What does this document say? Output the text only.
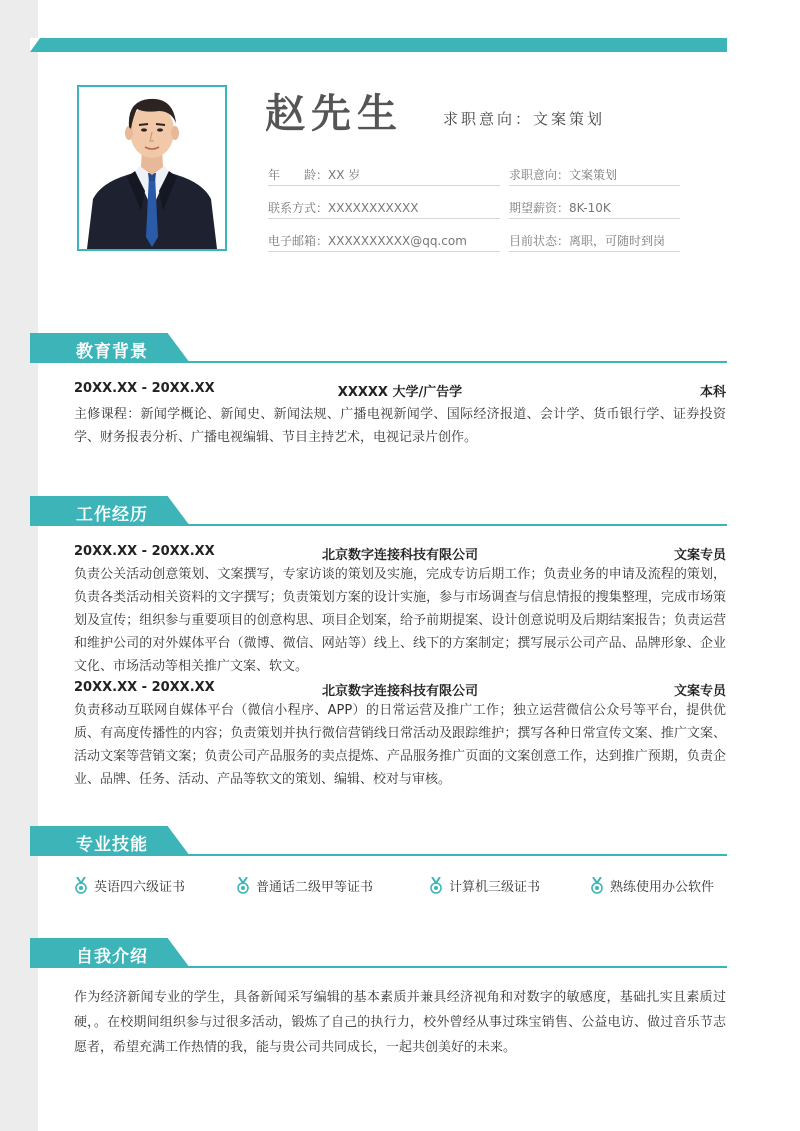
赵先生	求职意向：文案策划
年　　龄：XX 岁	求职意向：文案策划
联系方式：XXXXXXXXXXX	期望薪资：8K-10K
电子邮箱：XXXXXXXXXX@qq.com	目前状态：离职，可随时到岗
教育背景
20XX.XX - 20XX.XX	XXXXX 大学/广告学	本科
主修课程：新闻学概论、新闻史、新闻法规、广播电视新闻学、国际经济报道、会计学、货币银行学、证券投资学、财务报表分析、广播电视编辑、节目主持艺术，电视记录片创作。
工作经历
20XX.XX - 20XX.XX	北京数字连接科技有限公司	文案专员
负责公关活动创意策划、文案撰写，专家访谈的策划及实施，完成专访后期工作；负责业务的申请及流程的策划，负责各类活动相关资料的文字撰写；负责策划方案的设计实施，参与市场调查与信息情报的搜集整理，完成市场策划及宣传；组织参与重要项目的创意构思、项目企划案，给予前期提案、设计创意说明及后期结案报告；负责运营和维护公司的对外媒体平台（微博、微信、网站等）线上、线下的方案制定；撰写展示公司产品、品牌形象、企业文化、市场活动等相关推广文案、软文。
20XX.XX - 20XX.XX	北京数字连接科技有限公司	文案专员
负责移动互联网自媒体平台（微信小程序、APP）的日常运营及推广工作；独立运营微信公众号等平台，提供优质、有高度传播性的内容；负责策划并执行微信营销线日常活动及跟踪维护；撰写各种日常宣传文案、推广文案、活动文案等营销文案；负责公司产品服务的卖点提炼、产品服务推广页面的文案创意工作，达到推广预期，负责企业、品牌、任务、活动、产品等软文的策划、编辑、校对与审核。
专业技能
英语四六级证书	普通话二级甲等证书	计算机三级证书	熟练使用办公软件
自我介绍
作为经济新闻专业的学生，具备新闻采写编辑的基本素质并兼具经济视角和对数字的敏感度，基础扎实且素质过硬，。在校期间组织参与过很多活动，锻炼了自己的执行力，校外曾经从事过珠宝销售、公益电访、做过音乐节志愿者，希望充满工作热情的我，能与贵公司共同成长，一起共创美好的未来。
